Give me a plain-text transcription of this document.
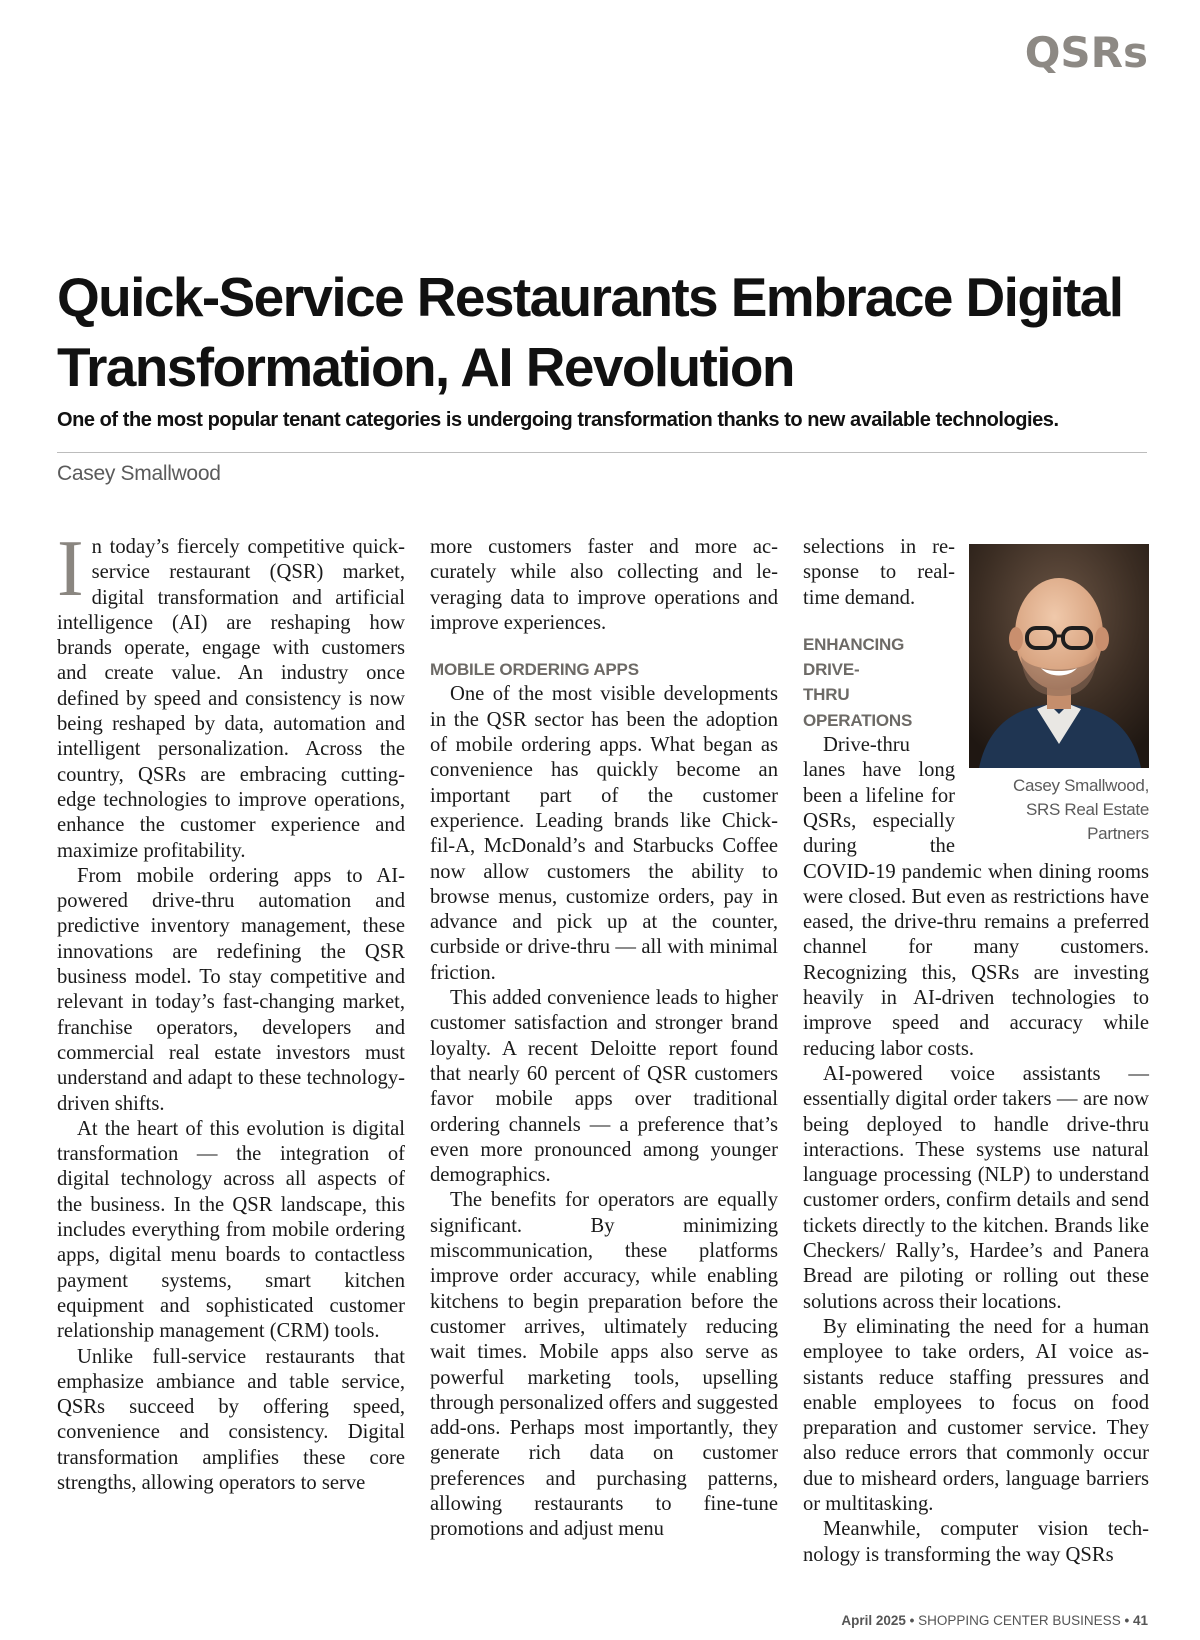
QSRs
Quick-Service Restaurants Embrace Digital Transformation, AI Revolution

One of the most popular tenant categories is undergoing transformation thanks to new available technologies.

Casey Smallwood

In today’s fiercely competitive quick-service restaurant (QSR) market, digital transformation and artificial intelligence (AI) are reshaping how brands operate, engage with customers and create value. An industry once defined by speed and consistency is now being reshaped by data, automation and intelligent personalization. Across the country, QSRs are embracing cutting-edge technologies to improve operations, enhance the customer experience and maximize profitability.

From mobile ordering apps to AI-powered drive-thru automation and predictive inventory management, these innovations are redefining the QSR business model. To stay competitive and relevant in today’s fast-changing market, franchise operators, developers and commercial real estate investors must understand and adapt to these technology-driven shifts.

At the heart of this evolution is digital transformation — the integration of digital technology across all aspects of the business. In the QSR landscape, this includes everything from mobile ordering apps, digital menu boards to contactless payment systems, smart kitchen equipment and sophisticated customer relationship management (CRM) tools.

Unlike full-service restaurants that emphasize ambiance and table service, QSRs succeed by offering speed, convenience and consistency. Digital transformation amplifies these core strengths, allowing operators to serve

more customers faster and more accurately while also collecting and leveraging data to improve operations and improve experiences.

MOBILE ORDERING APPS

One of the most visible developments in the QSR sector has been the adoption of mobile ordering apps. What began as convenience has quickly become an important part of the customer experience. Leading brands like Chick-fil-A, McDonald’s and Starbucks Coffee now allow customers the ability to browse menus, customize orders, pay in advance and pick up at the counter, curbside or drive-thru — all with minimal friction.

This added convenience leads to higher customer satisfaction and stronger brand loyalty. A recent Deloitte report found that nearly 60 percent of QSR customers favor mobile apps over traditional ordering channels — a preference that’s even more pronounced among younger demographics.

The benefits for operators are equally significant. By minimizing miscommunication, these platforms improve order accuracy, while enabling kitchens to begin preparation before the customer arrives, ultimately reducing wait times. Mobile apps also serve as powerful marketing tools, upselling through personalized offers and suggested add-ons. Perhaps most importantly, they generate rich data on customer preferences and purchasing patterns, allowing restaurants to fine-tune promotions and adjust menu

Casey Smallwood,
SRS Real Estate Partners

selections in response to real-time demand.

ENHANCING DRIVE-
THRU OPERATIONS

Drive-thru lanes have long been a lifeline for QSRs, especially during the COVID-19 pandemic when dining rooms were closed. But even as restrictions have eased, the drive-thru remains a preferred channel for many customers. Recognizing this, QSRs are investing heavily in AI-driven technologies to improve speed and accuracy while reducing labor costs.

AI-powered voice assistants — essentially digital order takers — are now being deployed to handle drive-thru interactions. These systems use natural language processing (NLP) to understand customer orders, confirm details and send tickets directly to the kitchen. Brands like Checkers/ Rally’s, Hardee’s and Panera Bread are piloting or rolling out these solutions across their locations.

By eliminating the need for a human employee to take orders, AI voice assistants reduce staffing pressures and enable employees to focus on food preparation and customer service. They also reduce errors that commonly occur due to misheard orders, language barriers or multitasking.

Meanwhile, computer vision technology is transforming the way QSRs

April 2025 • SHOPPING CENTER BUSINESS • 41
